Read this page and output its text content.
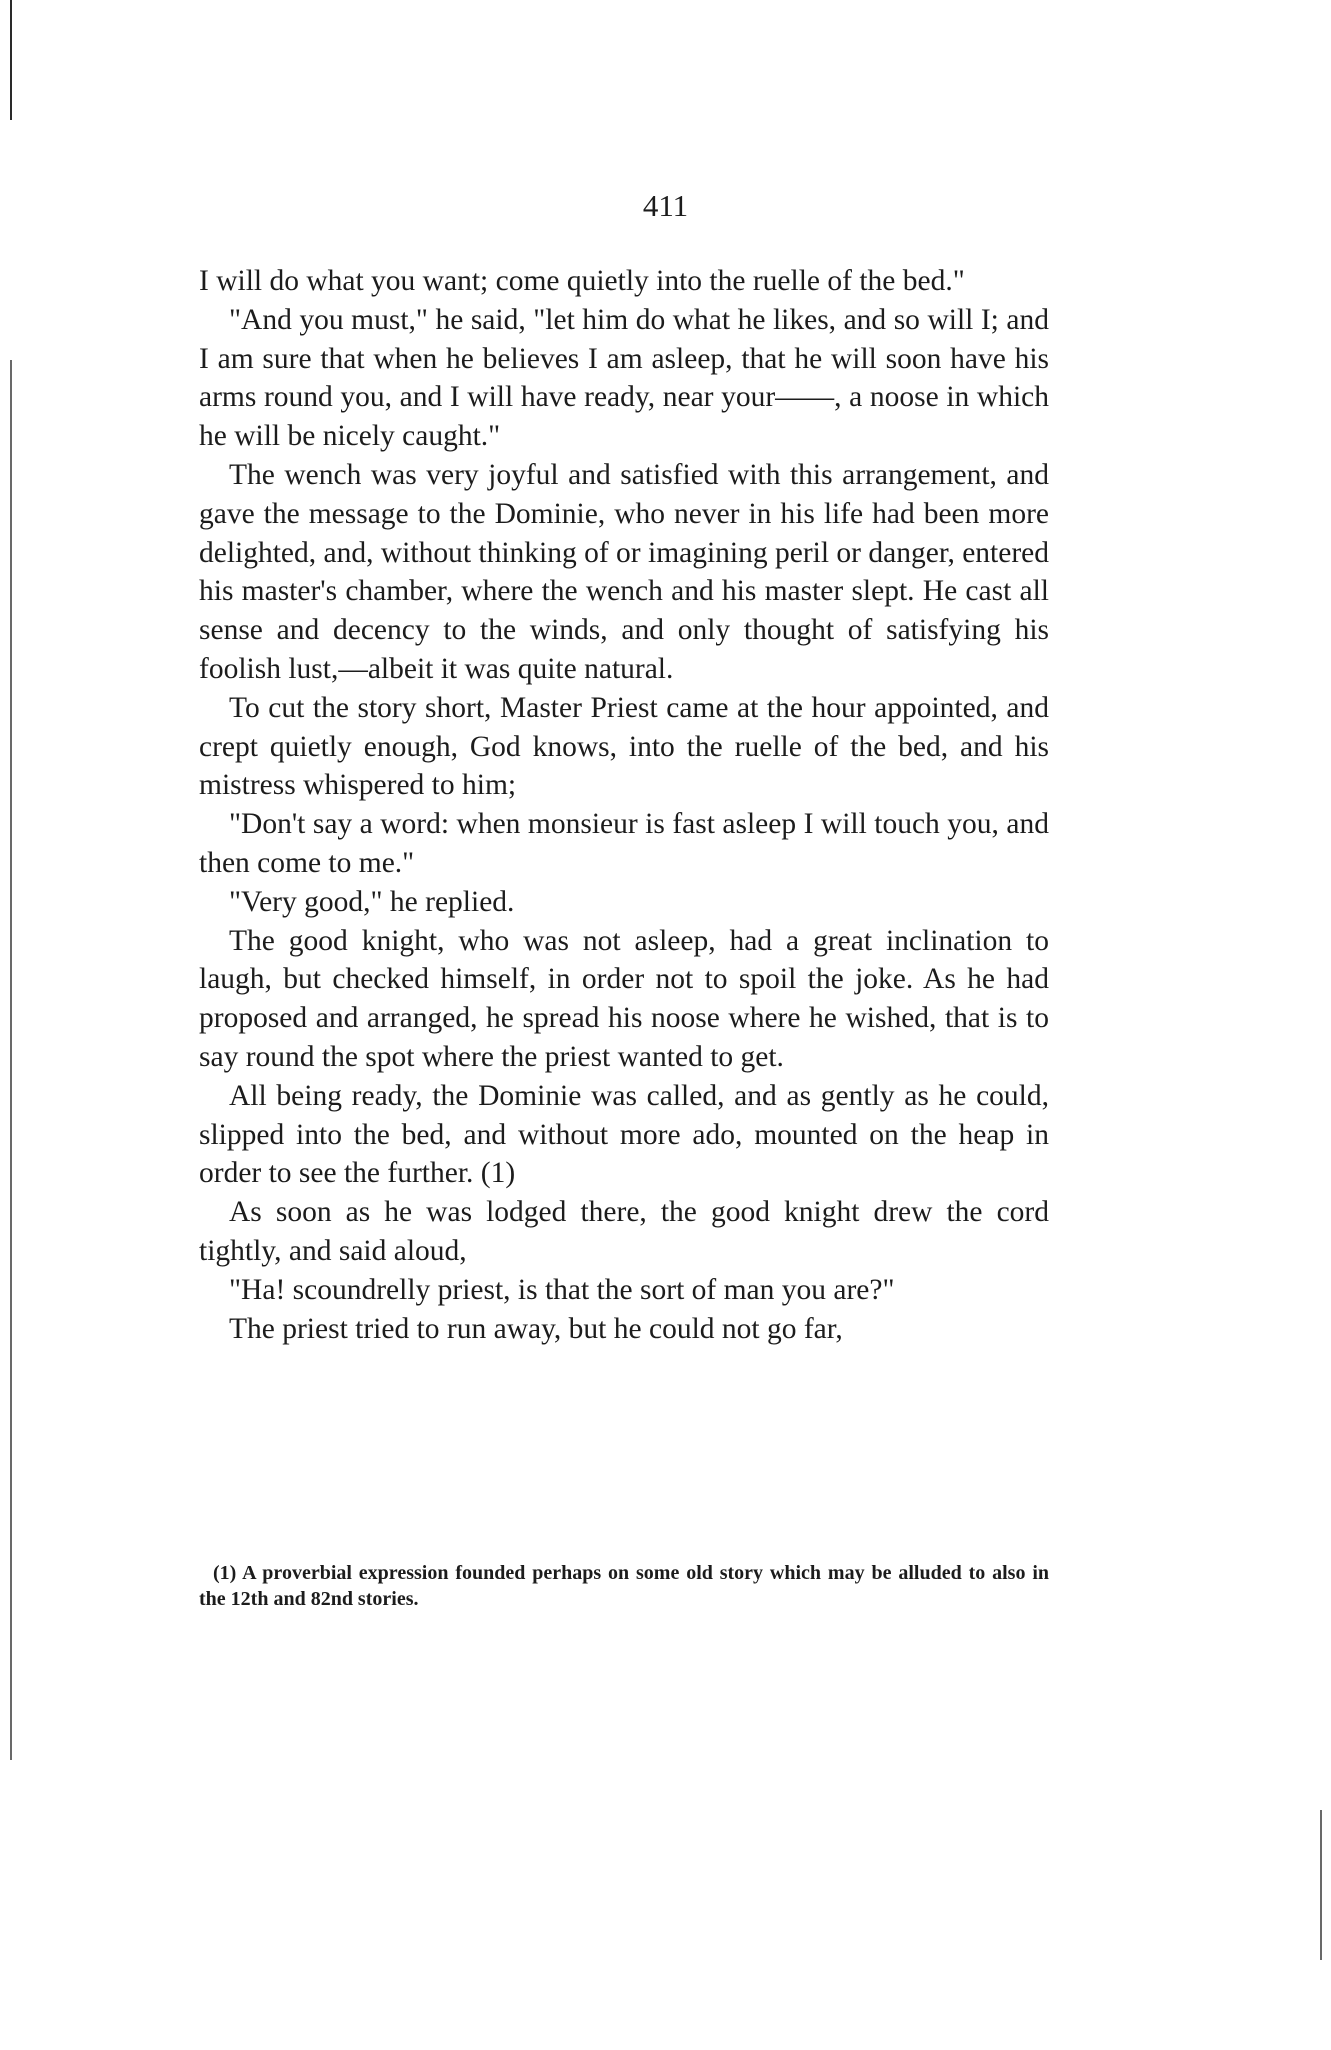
411

I will do what you want; come quietly into the ruelle of the bed."

"And you must," he said, "let him do what he likes, and so will I; and I am sure that when he believes I am asleep, that he will soon have his arms round you, and I will have ready, near your——, a noose in which he will be nicely caught."

The wench was very joyful and satisfied with this arrangement, and gave the message to the Dominie, who never in his life had been more delighted, and, without thinking of or imagining peril or danger, entered his master's chamber, where the wench and his master slept. He cast all sense and decency to the winds, and only thought of satisfying his foolish lust,—albeit it was quite natural.

To cut the story short, Master Priest came at the hour appointed, and crept quietly enough, God knows, into the ruelle of the bed, and his mistress whispered to him;

"Don't say a word: when monsieur is fast asleep I will touch you, and then come to me."

"Very good," he replied.

The good knight, who was not asleep, had a great inclination to laugh, but checked himself, in order not to spoil the joke. As he had proposed and arranged, he spread his noose where he wished, that is to say round the spot where the priest wanted to get.

All being ready, the Dominie was called, and as gently as he could, slipped into the bed, and without more ado, mounted on the heap in order to see the further. (1)

As soon as he was lodged there, the good knight drew the cord tightly, and said aloud,

"Ha! scoundrelly priest, is that the sort of man you are?"

The priest tried to run away, but he could not go far,

(1) A proverbial expression founded perhaps on some old story which may be alluded to also in the 12th and 82nd stories.
